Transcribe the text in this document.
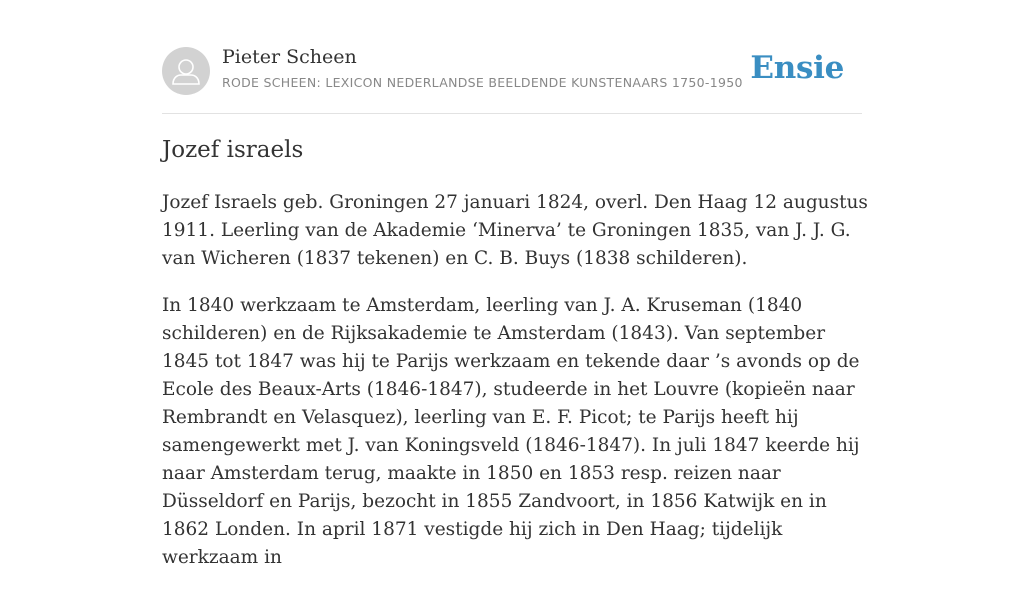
Pieter Scheen
RODE SCHEEN: LEXICON NEDERLANDSE BEELDENDE KUNSTENAARS 1750-1950 Ensie
Jozef israels

Jozef Israels geb. Groningen 27 januari 1824, overl. Den Haag 12 augustus 1911. Leerling van de Akademie ‘Minerva’ te Groningen 1835, van J. J. G. van Wicheren (1837 tekenen) en C. B. Buys (1838 schilderen).

In 1840 werkzaam te Amsterdam, leerling van J. A. Kruseman (1840 schilderen) en de Rijksakademie te Amsterdam (1843). Van september 1845 tot 1847 was hij te Parijs werkzaam en tekende daar ’s avonds op de Ecole des Beaux-Arts (1846-1847), studeerde in het Louvre (kopieën naar Rembrandt en Velasquez), leerling van E. F. Picot; te Parijs heeft hij samengewerkt met J. van Koningsveld (1846-1847). In juli 1847 keerde hij naar Amsterdam terug, maakte in 1850 en 1853 resp. reizen naar Düsseldorf en Parijs, bezocht in 1855 Zandvoort, in 1856 Katwijk en in 1862 Londen. In april 1871 vestigde hij zich in Den Haag; tijdelijk werkzaam in
